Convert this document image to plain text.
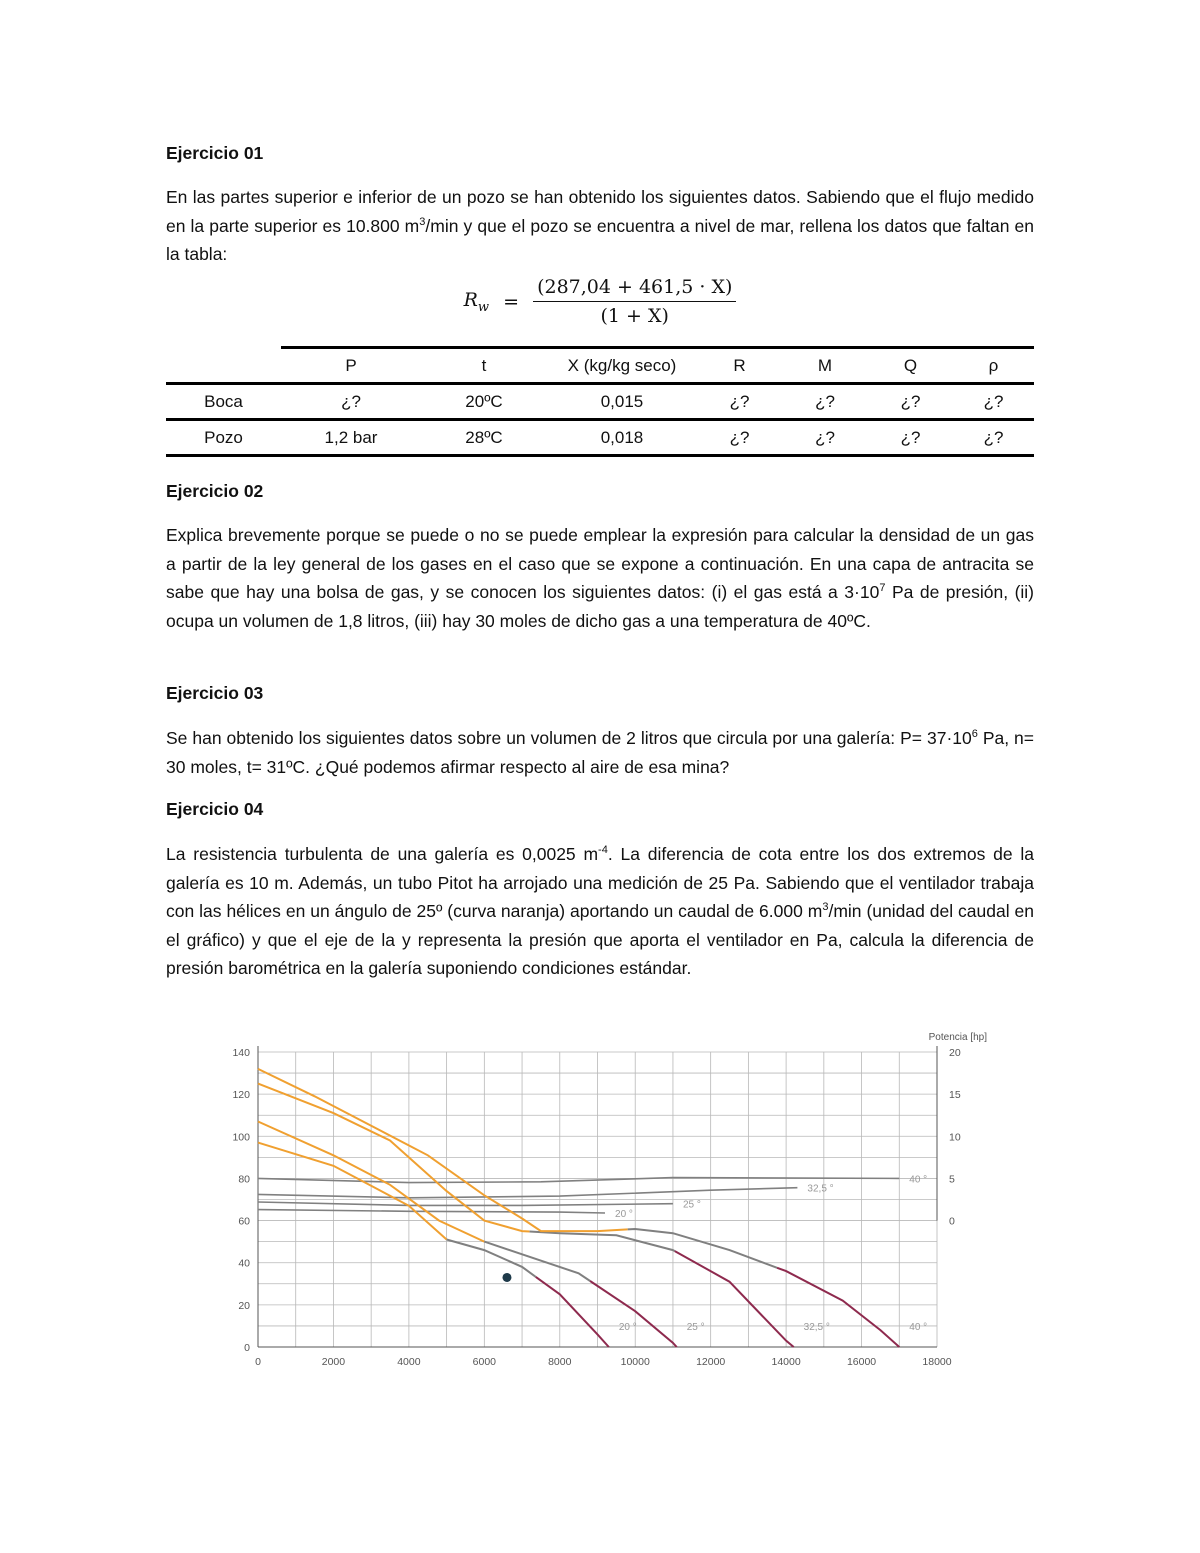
Ejercicio 01

En las partes superior e inferior de un pozo se han obtenido los siguientes datos. Sabiendo que el flujo medido en la parte superior es 10.800 $m^3/\min$ y que el pozo se encuentra a nivel de mar, rellena los datos que faltan en la tabla:

$R_w = \frac{(287,04 + 461,5 \cdot X)}{(1 + X)}$
	P	t	X (kg/kg seco)	R	M	Q	ρ
Boca	¿?	20ºC	0,015	¿?	¿?	¿?	¿?
Pozo	1,2 bar	28ºC	0,018	¿?	¿?	¿?	¿?
Ejercicio 02

Explica brevemente porque se puede o no se puede emplear la expresión para calcular la densidad de un gas a partir de la ley general de los gases en el caso que se expone a continuación. En una capa de antracita se sabe que hay una bolsa de gas, y se conocen los siguientes datos: (i) el gas está a $3\cdot 10^7$ Pa de presión, (ii) ocupa un volumen de 1,8 litros, (iii) hay 30 moles de dicho gas a una temperatura de 40ºC.

Ejercicio 03

Se han obtenido los siguientes datos sobre un volumen de 2 litros que circula por una galería: $P= 37\cdot 10^6$ Pa, n= 30 moles, t= 31ºC. ¿Qué podemos afirmar respecto al aire de esa mina?

Ejercicio 04

La resistencia turbulenta de una galería es 0,0025 $m^{-4}$. La diferencia de cota entre los dos extremos de la galería es 10 m. Además, un tubo Pitot ha arrojado una medición de 25 Pa. Sabiendo que el ventilador trabaja con las hélices en un ángulo de 25º (curva naranja) aportando un caudal de 6.000 $m^3/\min$ (unidad del caudal en el gráfico) y que el eje de la y representa la presión que aporta el ventilador en Pa, calcula la diferencia de presión barométrica en la galería suponiendo condiciones estándar.

0	2000	4000	6000	8000	10000	12000	14000	16000	18000
0
20
40
60
80
100
120
140
0
5
10
15
20
Potencia [hp]
20 °
25 °
32,5 °
40 °
20 °	25 °	32,5 °	40 °
